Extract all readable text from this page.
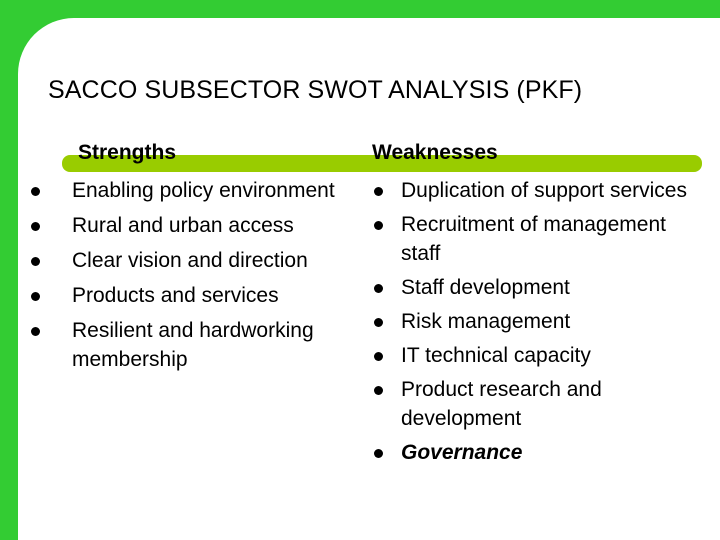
SACCO SUBSECTOR SWOT ANALYSIS (PKF)
Strengths	Weaknesses
Enabling policy environment
Rural and urban access
Clear vision and direction
Products and services
Resilient and hardworking membership
Duplication of support services
Recruitment of management staff
Staff development
Risk management
IT technical capacity
Product research and development
Governance
